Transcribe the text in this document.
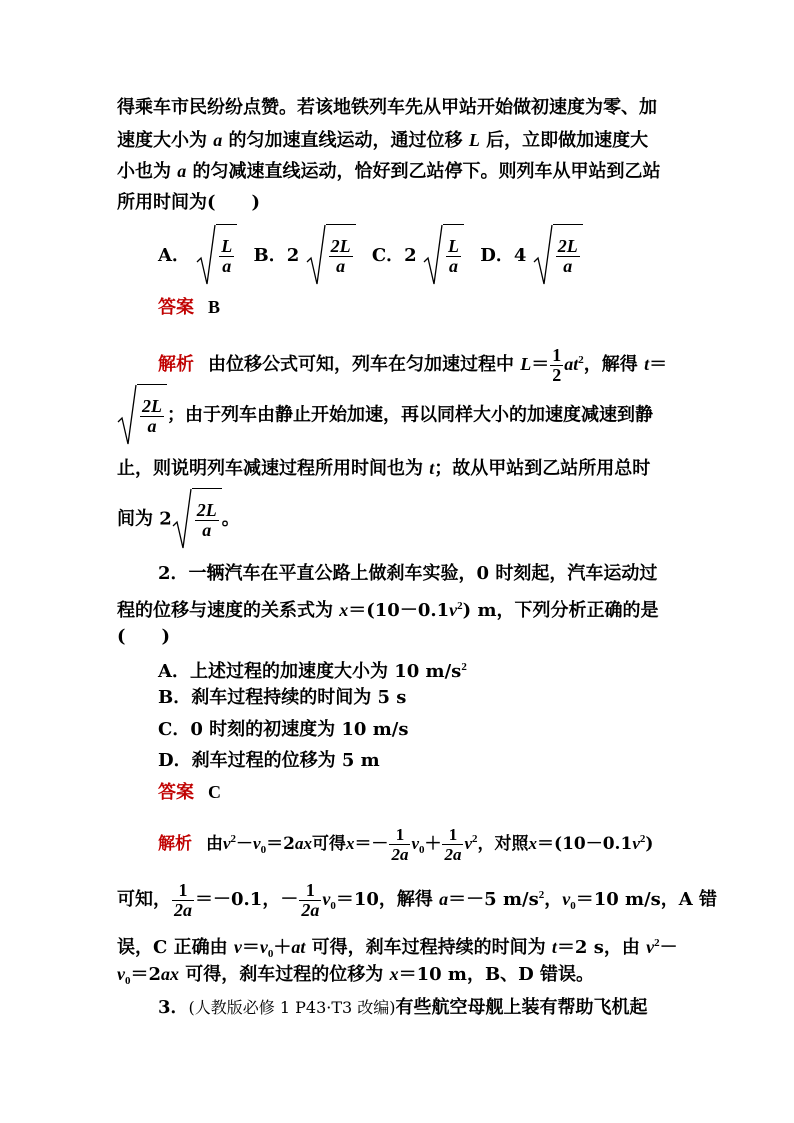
得乘车市民纷纷点赞。若该地铁列车先从甲站开始做初速度为零、加
速度大小为 a 的匀加速直线运动，通过位移 L 后，立即做加速度大
小也为 a 的匀减速直线运动，恰好到乙站停下。则列车从甲站到乙站
所用时间为(　　)
A． $\frac{L}{a}$ B．$2 \frac{2L}{a}$ C．$2 \frac{L}{a}$ D．$4 \frac{2L}{a}$
答案 B
解析 由位移公式可知，列车在匀加速过程中 $L= \frac{1}{2} at^2$，解得 t＝
$\frac{2L}{a}$ ；由于列车由静止开始加速，再以同样大小的加速度减速到静
止，则说明列车减速过程所用时间也为 t；故从甲站到乙站所用总时
间为 $2 \frac{2L}{a}$ 。
2．一辆汽车在平直公路上做刹车实验，0 时刻起，汽车运动过
程的位移与速度的关系式为 $x=(10-0.1v^2)$ m，下列分析正确的是
(　　)
A．上述过程的加速度大小为 10 $m/s^2$
B．刹车过程持续的时间为 5 s
C．0 时刻的初速度为 10 m/s
D．刹车过程的位移为 5 m
答案 C
解析 由$v^2-v_0=2ax$可得$x=- \frac{1}{2a} v_0+ \frac{1}{2a} v^2$，对照$x=(10-0.1v^2)$
可知， $\frac{1}{2a} =-0.1$，－ $\frac{1}{2a} v_0=10$，解得 a＝－5 $m/s^2$，$v_0=10$ m/s，A 错
误，C 正确由 $v=v_0+at$ 可得，刹车过程持续的时间为 t＝2 s，由 $v^2-$
$v_0=2ax$ 可得，刹车过程的位移为 x＝10 m，B、D 错误。
3．(人教版必修 1 P43·T3 改编)有些航空母舰上装有帮助飞机起
